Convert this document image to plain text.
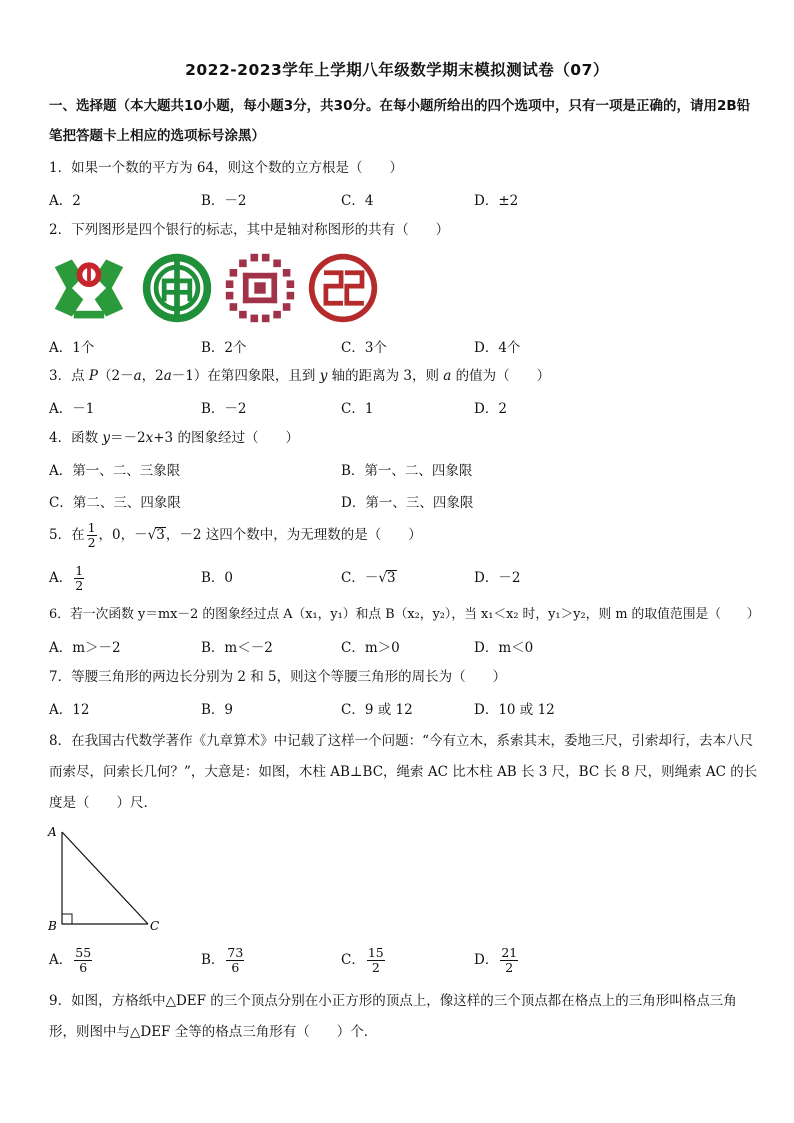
2022-2023学年上学期八年级数学期末模拟测试卷（07）
一、选择题（本大题共10小题，每小题3分，共30分。在每小题所给出的四个选项中，只有一项是正确的，请用2B铅笔把答题卡上相应的选项标号涂黑）
1．如果一个数的平方为 64，则这个数的立方根是（　　）
A．2	B．－2	C．4	D．±2
2．下列图形是四个银行的标志，其中是轴对称图形的共有（　　）
A．1个	B．2个	C．3个	D．4个
3．点 P（2－a，2a－1）在第四象限，且到 y 轴的距离为 3，则 a 的值为（　　）
A．－1	B．－2	C．1	D．2
4．函数 y＝－2x+3 的图象经过（　　）
A．第一、二、三象限	B．第一、二、四象限
C．第二、三、四象限	D．第一、三、四象限
5．在 $\frac{1}{2}$ ，0，－√3，－2 这四个数中，为无理数的是（　　）
A． $\frac{1}{2}$	B．0	C．－√3	D．－2
6．若一次函数 y＝mx－2 的图象经过点 A（x₁，y₁）和点 B（x₂，y₂），当 x₁＜x₂ 时，y₁＞y₂，则 m 的取值范围是（　　）
A．m＞－2	B．m＜－2	C．m＞0	D．m＜0
7．等腰三角形的两边长分别为 2 和 5，则这个等腰三角形的周长为（　　）
A．12	B．9	C．9 或 12	D．10 或 12
8．在我国古代数学著作《九章算术》中记载了这样一个问题：“今有立木，系索其末，委地三尺，引索却行，去本八尺而索尽，问索长几何？”，大意是：如图，木柱 AB⊥BC，绳索 AC 比木柱 AB 长 3 尺，BC 长 8 尺，则绳索 AC 的长度是（　　）尺．
A
B	C
A． $\frac{55}{6}$	B． $\frac{73}{6}$	C． $\frac{15}{2}$	D． $\frac{21}{2}$
9．如图，方格纸中△DEF 的三个顶点分别在小正方形的顶点上，像这样的三个顶点都在格点上的三角形叫格点三角形，则图中与△DEF 全等的格点三角形有（　　）个．
